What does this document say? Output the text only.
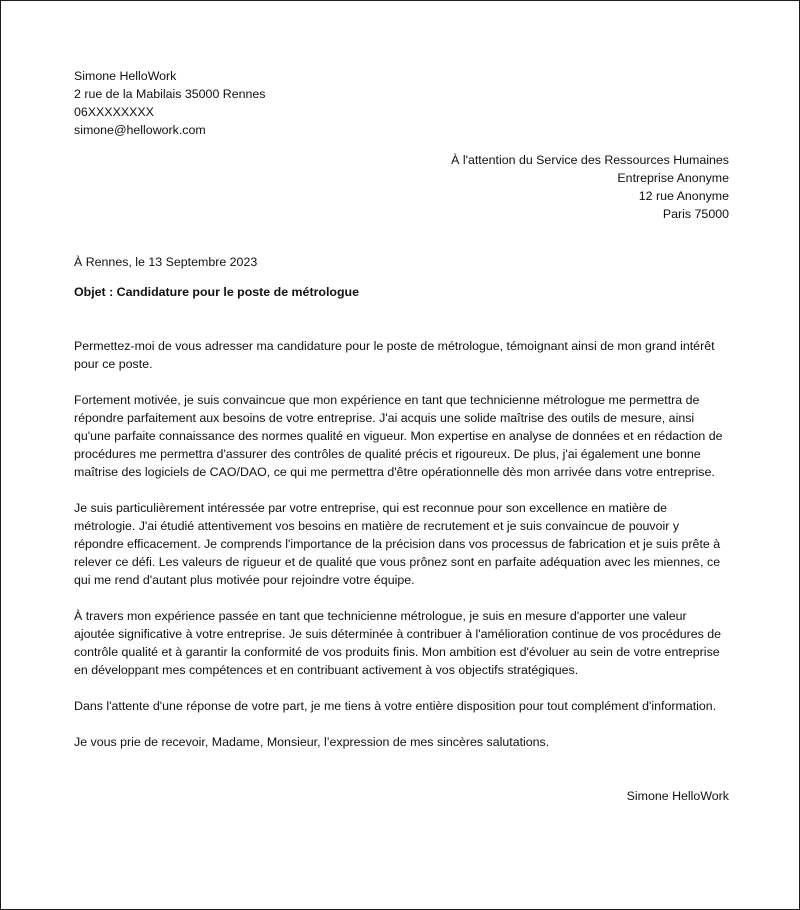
Simone HelloWork
2 rue de la Mabilais 35000 Rennes
06XXXXXXXX
simone@hellowork.com
À l'attention du Service des Ressources Humaines
Entreprise Anonyme
12 rue Anonyme
Paris 75000
À Rennes, le 13 Septembre 2023
Objet : Candidature pour le poste de métrologue

Permettez-moi de vous adresser ma candidature pour le poste de métrologue, témoignant ainsi de mon grand intérêt pour ce poste.

Fortement motivée, je suis convaincue que mon expérience en tant que technicienne métrologue me permettra de répondre parfaitement aux besoins de votre entreprise. J'ai acquis une solide maîtrise des outils de mesure, ainsi qu'une parfaite connaissance des normes qualité en vigueur. Mon expertise en analyse de données et en rédaction de procédures me permettra d'assurer des contrôles de qualité précis et rigoureux. De plus, j'ai également une bonne maîtrise des logiciels de CAO/DAO, ce qui me permettra d'être opérationnelle dès mon arrivée dans votre entreprise.

Je suis particulièrement intéressée par votre entreprise, qui est reconnue pour son excellence en matière de métrologie. J'ai étudié attentivement vos besoins en matière de recrutement et je suis convaincue de pouvoir y répondre efficacement. Je comprends l'importance de la précision dans vos processus de fabrication et je suis prête à relever ce défi. Les valeurs de rigueur et de qualité que vous prônez sont en parfaite adéquation avec les miennes, ce qui me rend d'autant plus motivée pour rejoindre votre équipe.

À travers mon expérience passée en tant que technicienne métrologue, je suis en mesure d'apporter une valeur ajoutée significative à votre entreprise. Je suis déterminée à contribuer à l'amélioration continue de vos procédures de contrôle qualité et à garantir la conformité de vos produits finis. Mon ambition est d'évoluer au sein de votre entreprise en développant mes compétences et en contribuant activement à vos objectifs stratégiques.

Dans l'attente d'une réponse de votre part, je me tiens à votre entière disposition pour tout complément d'information.

Je vous prie de recevoir, Madame, Monsieur, l’expression de mes sincères salutations.
Simone HelloWork
